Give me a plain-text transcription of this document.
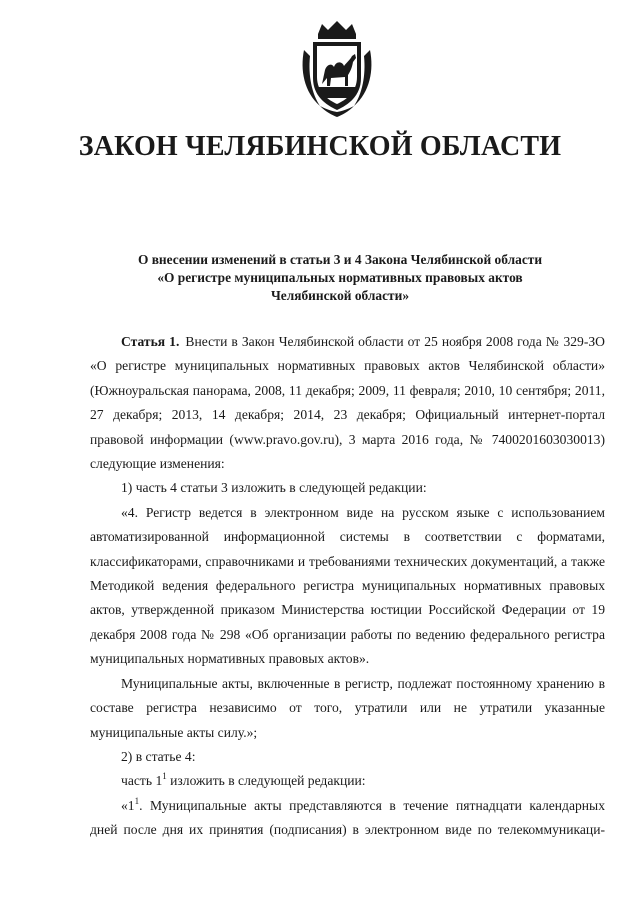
ЗАКОН ЧЕЛЯБИНСКОЙ ОБЛАСТИ
О внесении изменений в статьи 3 и 4 Закона Челябинской области
«О регистре муниципальных нормативных правовых актов
Челябинской области»

Статья 1. Внести в Закон Челябинской области от 25 ноября 2008 года № 329-ЗО «О регистре муниципальных нормативных правовых актов Челябинской области» (Южноуральская панорама, 2008, 11 декабря; 2009, 11 февраля; 2010, 10 сентября; 2011, 27 декабря; 2013, 14 декабря; 2014, 23 декабря; Официальный интернет-портал правовой информации (www.pravo.gov.ru), 3 марта 2016 года, № 7400201603030013) следующие изменения:

1) часть 4 статьи 3 изложить в следующей редакции:

«4. Регистр ведется в электронном виде на русском языке с использованием автоматизированной информационной системы в соответствии с форматами, классификаторами, справочниками и требованиями технических документаций, а также Методикой ведения федерального регистра муниципальных нормативных правовых актов, утвержденной приказом Министерства юстиции Российской Федерации от 19 декабря 2008 года № 298 «Об организации работы по ведению федерального регистра муниципальных нормативных правовых актов».

Муниципальные акты, включенные в регистр, подлежат постоянному хранению в составе регистра независимо от того, утратили или не утратили указанные муниципальные акты силу.»;

2) в статье 4:

часть $1^1$ изложить в следующей редакции:

«$1^1$. Муниципальные акты представляются в течение пятнадцати календарных дней после дня их принятия (подписания) в электронном виде по телекоммуникаци-
